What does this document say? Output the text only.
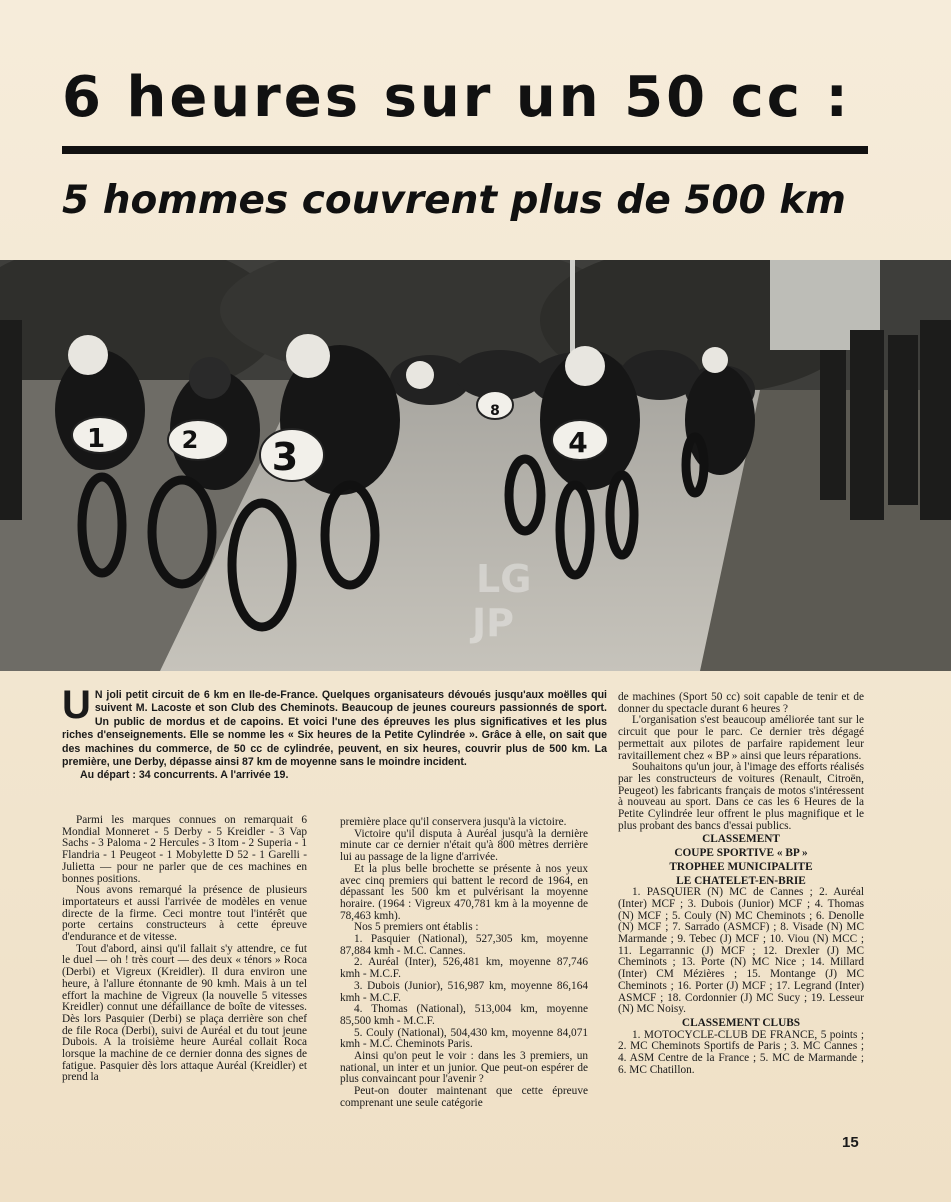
6 heures sur un 50 cc :
5 hommes couvrent plus de 500 km
1	2 3	4
8
LG
JP

U N joli petit circuit de 6 km en Ile-de-France. Quelques organisateurs dévoués jusqu'aux moëlles qui suivent M. Lacoste et son Club des Cheminots. Beaucoup de jeunes coureurs passionnés de sport. Un public de mordus et de capoins. Et voici l'une des épreuves les plus significatives et les plus riches d'enseignements. Elle se nomme les « Six heures de la Petite Cylindrée ». Grâce à elle, on sait que des machines du commerce, de 50 cc de cylindrée, peuvent, en six heures, couvrir plus de 500 km. La première, une Derby, dépasse ainsi 87 km de moyenne sans le moindre incident.

Au départ : 34 concurrents. A l'arrivée 19.

Parmi les marques connues on remarquait 6 Mondial Monneret - 5 Derby - 5 Kreidler - 3 Vap Sachs - 3 Paloma - 2 Hercules - 3 Itom - 2 Superia - 1 Flandria - 1 Peugeot - 1 Mobylette D 52 - 1 Garelli - Julietta — pour ne parler que de ces machines en bonnes positions.

Nous avons remarqué la présence de plusieurs importateurs et aussi l'arrivée de modèles en venue directe de la firme. Ceci montre tout l'intérêt que porte certains constructeurs à cette épreuve d'endurance et de vitesse.

Tout d'abord, ainsi qu'il fallait s'y attendre, ce fut le duel — oh ! très court — des deux « ténors » Roca (Derbi) et Vigreux (Kreidler). Il dura environ une heure, à l'allure étonnante de 90 kmh. Mais à un tel effort la machine de Vigreux (la nouvelle 5 vitesses Kreidler) connut une défaillance de boîte de vitesses. Dès lors Pasquier (Derbi) se plaça derrière son chef de file Roca (Derbi), suivi de Auréal et du tout jeune Dubois. A la troisième heure Auréal collait Roca lorsque la machine de ce dernier donna des signes de fatigue. Pasquier dès lors attaque Auréal (Kreidler) et prend la

première place qu'il conservera jusqu'à la victoire.

Victoire qu'il disputa à Auréal jusqu'à la dernière minute car ce dernier n'était qu'à 800 mètres derrière lui au passage de la ligne d'arrivée.

Et la plus belle brochette se présente à nos yeux avec cinq premiers qui battent le record de 1964, en dépassant les 500 km et pulvérisant la moyenne horaire. (1964 : Vigreux 470,781 km à la moyenne de 78,463 kmh).

Nos 5 premiers ont établis :

1. Pasquier (National), 527,305 km, moyenne 87,884 kmh - M.C. Cannes.

2. Auréal (Inter), 526,481 km, moyenne 87,746 kmh - M.C.F.

3. Dubois (Junior), 516,987 km, moyenne 86,164 kmh - M.C.F.

4. Thomas (National), 513,004 km, moyenne 85,500 kmh - M.C.F.

5. Couly (National), 504,430 km, moyenne 84,071 kmh - M.C. Cheminots Paris.

Ainsi qu'on peut le voir : dans les 3 premiers, un national, un inter et un junior. Que peut-on espérer de plus convaincant pour l'avenir ?

Peut-on douter maintenant que cette épreuve comprenant une seule catégorie

de machines (Sport 50 cc) soit capable de tenir et de donner du spectacle durant 6 heures ?

L'organisation s'est beaucoup améliorée tant sur le circuit que pour le parc. Ce dernier très dégagé permettait aux pilotes de parfaire rapidement leur ravitaillement chez « BP » ainsi que leurs réparations.

Souhaitons qu'un jour, à l'image des efforts réalisés par les constructeurs de voitures (Renault, Citroën, Peugeot) les fabricants français de motos s'intéressent à nouveau au sport. Dans ce cas les 6 Heures de la Petite Cylindrée leur offrent le plus magnifique et le plus probant des bancs d'essai publics.

CLASSEMENT

COUPE SPORTIVE « BP »

TROPHEE MUNICIPALITE

LE CHATELET-EN-BRIE

1. PASQUIER (N) MC de Cannes ; 2. Auréal (Inter) MCF ; 3. Dubois (Junior) MCF ; 4. Thomas (N) MCF ; 5. Couly (N) MC Cheminots ; 6. Denolle (N) MCF ; 7. Sarrado (ASMCF) ; 8. Visade (N) MC Marmande ; 9. Tebec (J) MCF ; 10. Viou (N) MCC ; 11. Legarrannic (J) MCF ; 12. Drexler (J) MC Cheminots ; 13. Porte (N) MC Nice ; 14. Millard (Inter) CM Mézières ; 15. Montange (J) MC Cheminots ; 16. Porter (J) MCF ; 17. Legrand (Inter) ASMCF ; 18. Cordonnier (J) MC Sucy ; 19. Lesseur (N) MC Noisy.

CLASSEMENT CLUBS

1. MOTOCYCLE-CLUB DE FRANCE, 5 points ; 2. MC Cheminots Sportifs de Paris ; 3. MC Cannes ; 4. ASM Centre de la France ; 5. MC de Marmande ; 6. MC Chatillon.

15
